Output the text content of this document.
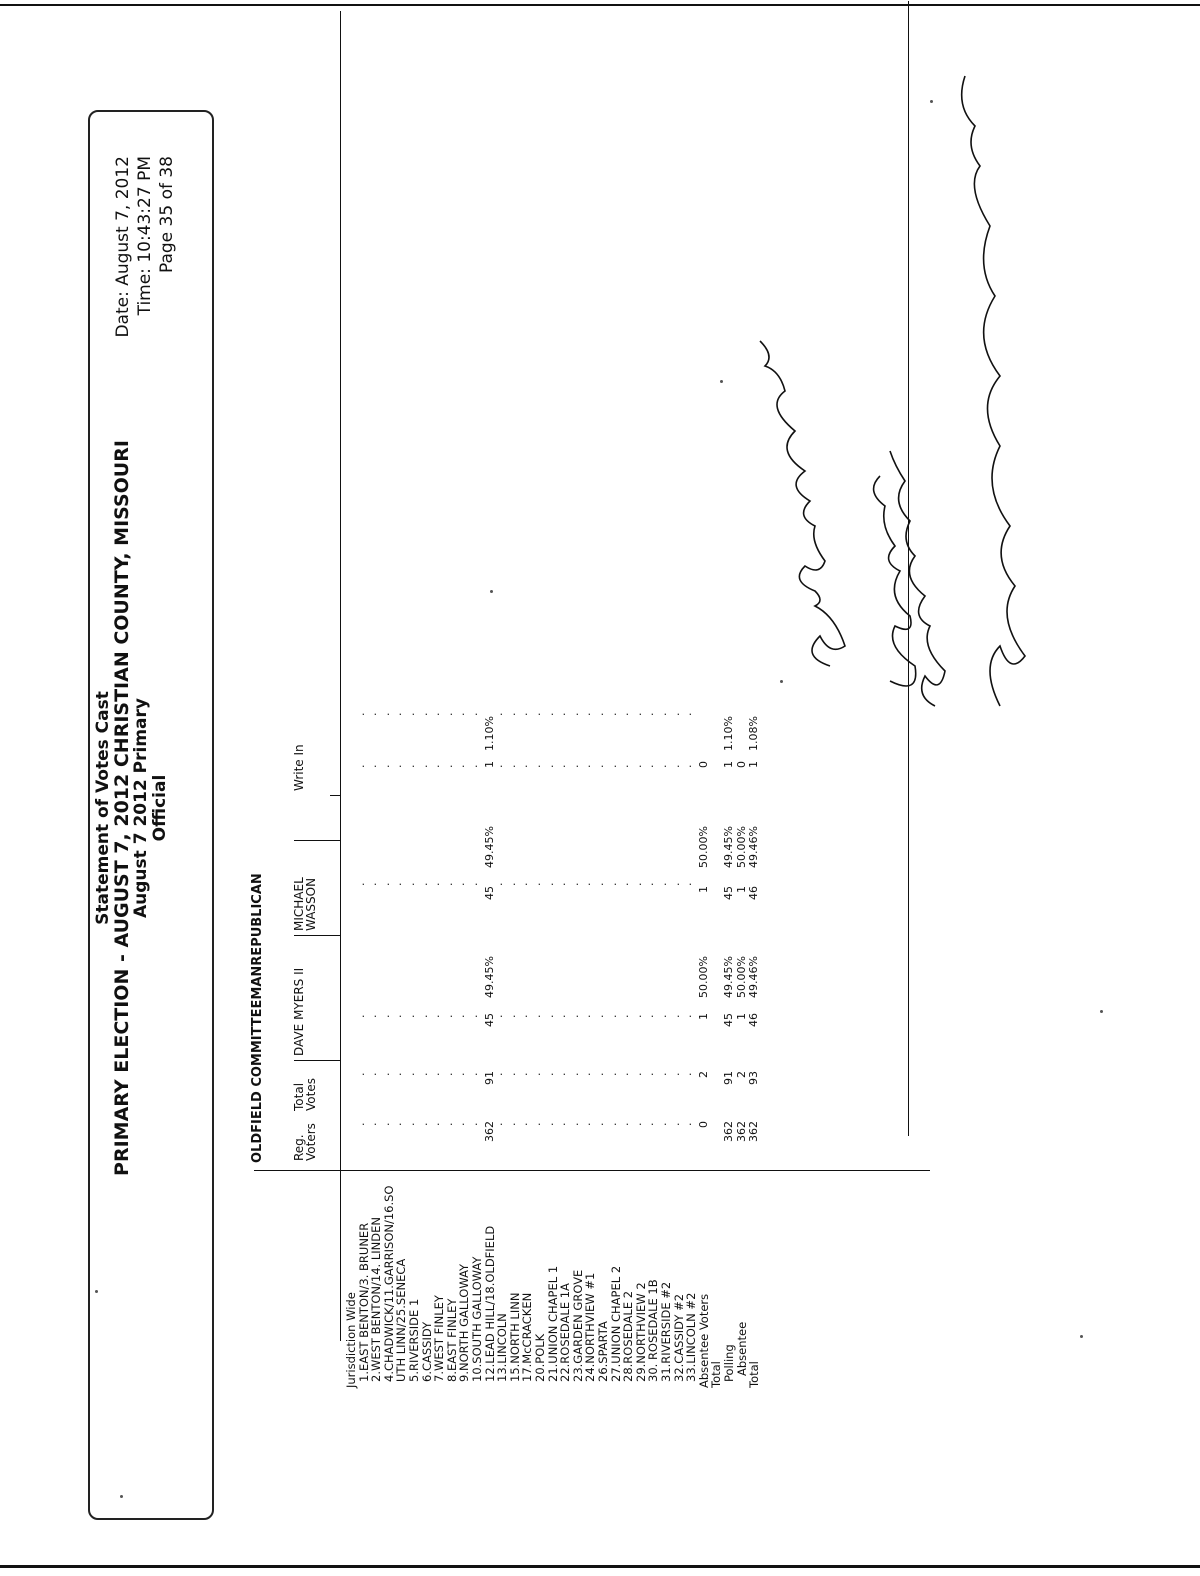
Statement of Votes Cast
PRIMARY ELECTION - AUGUST 7, 2012 CHRISTIAN COUNTY, MISSOURI
August 7 2012 Primary Official
Date: August 7, 2012 Time: 10:43:27 PM Page 35 of 38
OLDFIELD COMMITTEEMANREPUBLICAN Reg.
Voters
Total
Votes
DAVE MYERS II
MICHAEL
WASSON
Write In
Jurisdiction Wide
1.EAST BENTON/3. BRUNER
·
·
·
·
·
·
2.WEST BENTON/14. LINDEN
·
·
·
·
·
·
4.CHADWICK/11.GARRISON/16.SO
·
·
·
·
·
·
UTH LINN/25.SENECA
·
·
·
·
·
·
5.RIVERSIDE 1
·
·
·
·
·
·
6.CASSIDY
·
·
·
·
·
·
7.WEST FINLEY
·
·
·
·
·
·
8.EAST FINLEY
·
·
·
·
·
·
9.NORTH GALLOWAY
·
·
·
·
·
·
10.SOUTH GALLOWAY
·
·
·
·
·
·
12.LEAD HILL/18.OLDFIELD
362
91
45
49.45%
45
49.45%
1
1.10%
13.LINCOLN
·
·
·
·
·
·
15.NORTH LINN
·
·
·
·
·
·
17.McCRACKEN
·
·
·
·
·
·
20.POLK
·
·
·
·
·
·
21.UNION CHAPEL 1
·
·
·
·
·
·
22.ROSEDALE 1A
·
·
·
·
·
·
23.GARDEN GROVE
·
·
·
·
·
·
24.NORTHVIEW #1
·
·
·
·
·
·
26.SPARTA
·
·
·
·
·
·
27.UNION CHAPEL 2
·
·
·
·
·
·
28.ROSEDALE 2
·
·
·
·
·
·
29.NORTHVIEW 2
·
·
·
·
·
·
30. ROSEDALE 1B
·
·
·
·
·
·
31.RIVERSIDE #2
·
·
·
·
·
·
32.CASSIDY #2
·
·
·
·
·
·
33.LINCOLN #2
·
·
·
·
·
·
Absentee Voters
0
2
1
50.00%
1
50.00%
0
Total
Polling
362
91
45
49.45%
45
49.45%
1
1.10%
Absentee
362
2
1
50.00%
1
50.00%
0
Total
362
93
46
49.46%
46
49.46%
1
1.08%
